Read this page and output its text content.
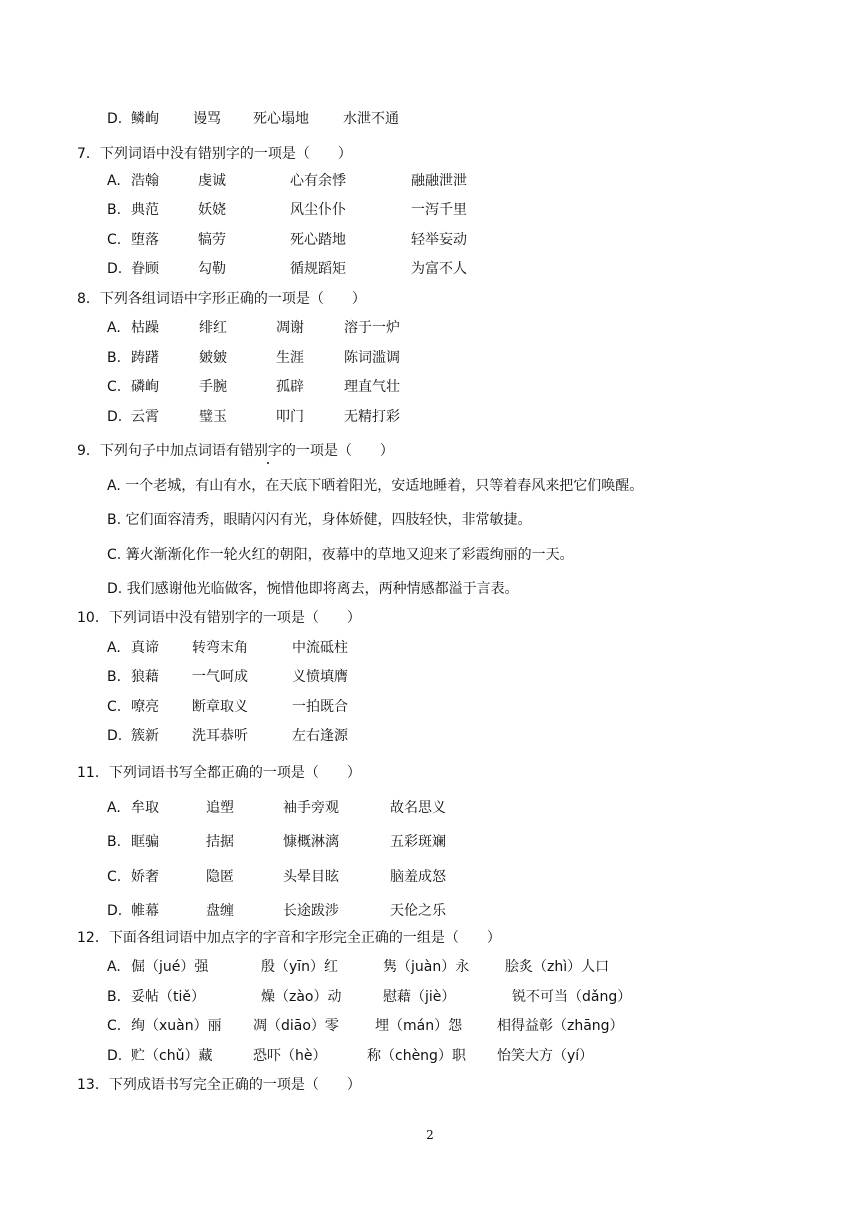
D. 鳞峋 谩骂 死心塌地 水泄不通
7．下列词语中没有错别字的一项是（　　）
A. 浩翰	虔诚	心有余悸	融融泄泄
B. 典范	妖娆	风尘仆仆	一泻千里
C. 堕落	犒劳	死心踏地	轻举妄动
D. 眷顾	勾勒	循规蹈矩	为富不人
8．下列各组词语中字形正确的一项是（　　）
A. 枯躁	绯红	凋谢	溶于一炉
B. 踌躇	皴皴	生涯	陈词滥调
C. 磷峋	手腕	孤辟	理直气壮
D. 云霄	璧玉	叩门	无精打彩
9．下列句子中加点词语有错别字的一项是（　　）
A. 一个老城，有山有水，在天底下晒着阳光，安适地睡着，只等着春风来把它们唤醒。
B. 它们面容清秀，眼睛闪闪有光，身体娇健，四肢轻快，非常敏捷。
C. 篝火渐渐化作一轮火红的朝阳，夜幕中的草地又迎来了彩霞绚丽的一天。
D. 我们感谢他光临做客，惋惜他即将离去，两种情感都溢于言表。
10．下列词语中没有错别字的一项是（　　）
A. 真谛 转弯末角	中流砥柱
B. 狼藉 一气呵成	义愤填膺
C. 嘹亮 断章取义	一拍既合
D. 簇新 洗耳恭听	左右逢源
11．下列词语书写全都正确的一项是（　　）
A. 牟取	追塑	袖手旁观	故名思义
B. 眶骗	拮据	慷概淋漓	五彩斑斓
C. 娇奢	隐匿	头晕目眩	脑羞成怒
D. 帷幕	盘缠	长途跋涉	天伦之乐
12．下面各组词语中加点字的字音和字形完全正确的一组是（　　）
A. 倔（jué）强	殷（yīn）红	隽（juàn）永	脍炙（zhì）人口
B. 妥帖（tiě）	燥（zào）动	慰藉（jiè）	锐不可当（dǎng）
C. 绚（xuàn）丽 凋（diāo）零	埋（mán）怨 相得益彰（zhāng）
D. 贮（chǔ）藏	恐吓（hè）	称（chèng）职 怡笑大方（yí）
13．下列成语书写完全正确的一项是（　　）
2
